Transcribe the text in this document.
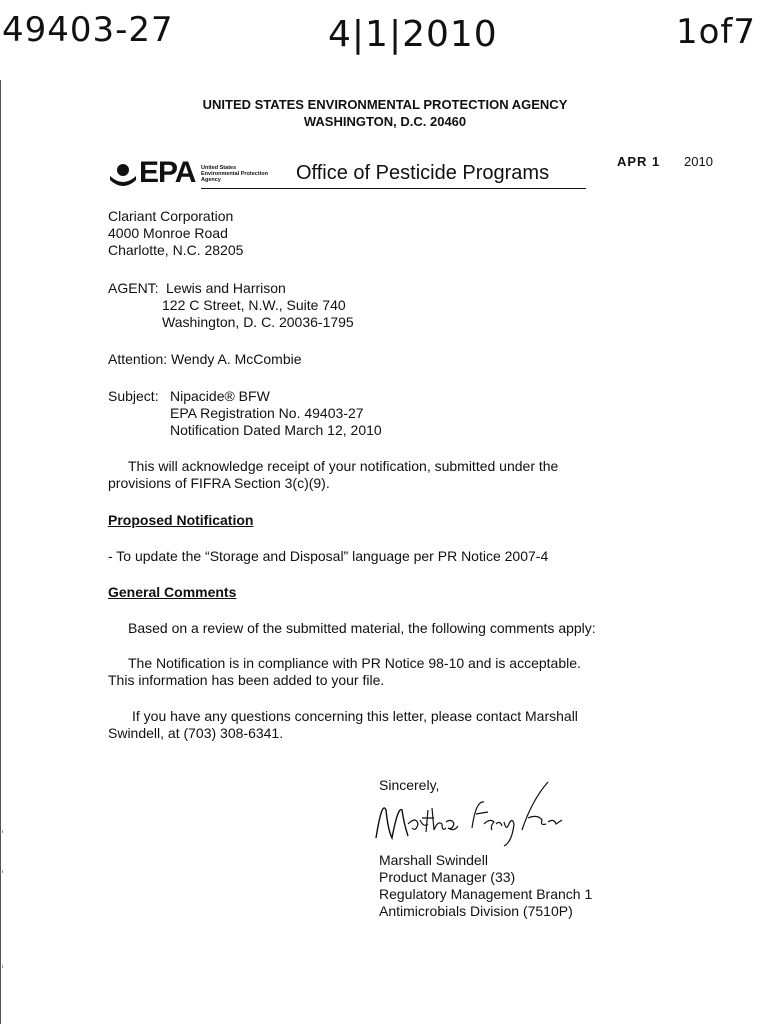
49403-27	4|1|2010	1of7
UNITED STATES ENVIRONMENTAL PROTECTION AGENCY
WASHINGTON, D.C. 20460
EPA United States
Environmental Protection
Agency	Office of Pesticide Programs
APR 1 2010
Clariant Corporation
4000 Monroe Road
Charlotte, N.C. 28205
AGENT: Lewis and Harrison
122 C Street, N.W., Suite 740
Washington, D. C. 20036-1795
Attention: Wendy A. McCombie
Subject: Nipacide® BFW
EPA Registration No. 49403-27
Notification Dated March 12, 2010
This will acknowledge receipt of your notification, submitted under the
provisions of FIFRA Section 3(c)(9).
Proposed Notification
- To update the “Storage and Disposal” language per PR Notice 2007-4
General Comments
Based on a review of the submitted material, the following comments apply:
The Notification is in compliance with PR Notice 98-10 and is acceptable.
This information has been added to your file.
If you have any questions concerning this letter, please contact Marshall
Swindell, at (703) 308-6341.
Sincerely,
Marshall Swindell
Product Manager (33)
Regulatory Management Branch 1
Antimicrobials Division (7510P)
